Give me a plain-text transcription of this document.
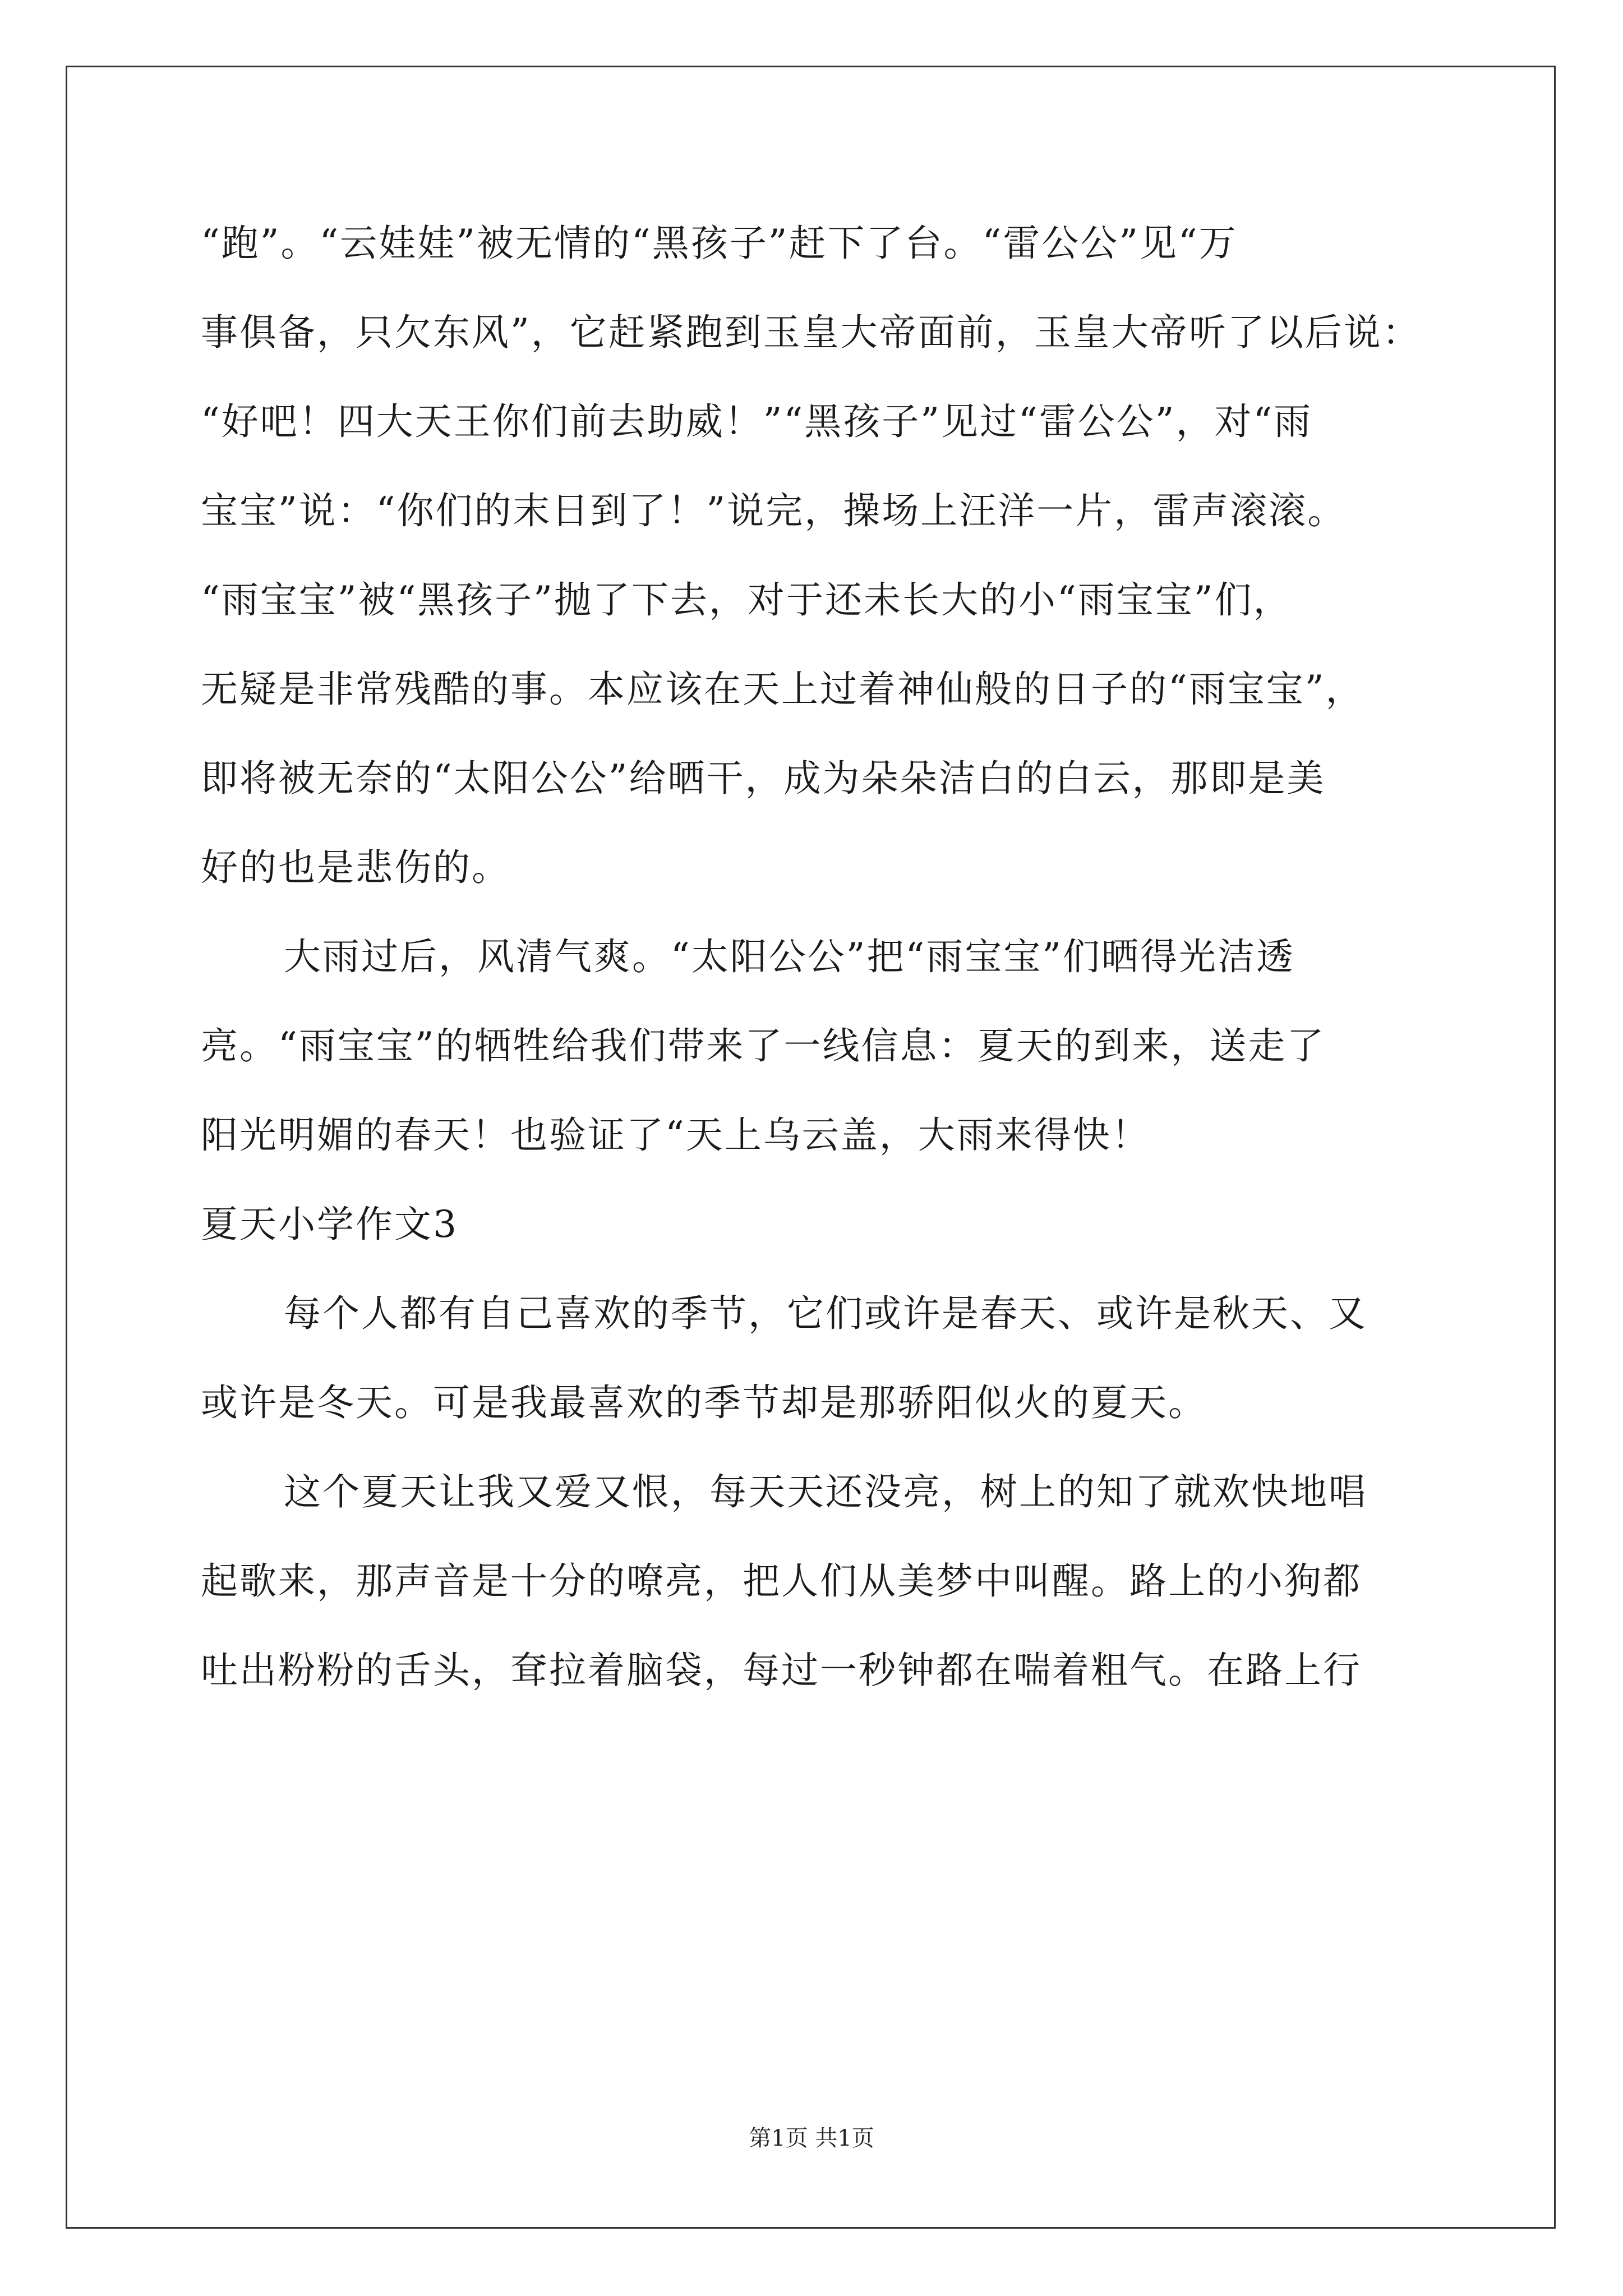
“跑”。“云娃娃”被无情的“黑孩子”赶下了台。“雷公公”见“万
事俱备，只欠东风”，它赶紧跑到玉皇大帝面前，玉皇大帝听了以后说：
“好吧！四大天王你们前去助威！”“黑孩子”见过“雷公公”，对“雨
宝宝”说：“你们的末日到了！”说完，操场上汪洋一片，雷声滚滚。
“雨宝宝”被“黑孩子”抛了下去，对于还未长大的小“雨宝宝”们，
无疑是非常残酷的事。本应该在天上过着神仙般的日子的“雨宝宝”，
即将被无奈的“太阳公公”给晒干，成为朵朵洁白的白云，那即是美
好的也是悲伤的。
大雨过后，风清气爽。“太阳公公”把“雨宝宝”们晒得光洁透
亮。“雨宝宝”的牺牲给我们带来了一线信息：夏天的到来，送走了
阳光明媚的春天！也验证了“天上乌云盖，大雨来得快！
夏天小学作文3
每个人都有自己喜欢的季节，它们或许是春天、或许是秋天、又
或许是冬天。可是我最喜欢的季节却是那骄阳似火的夏天。
这个夏天让我又爱又恨，每天天还没亮，树上的知了就欢快地唱
起歌来，那声音是十分的嘹亮，把人们从美梦中叫醒。路上的小狗都
吐出粉粉的舌头，耷拉着脑袋，每过一秒钟都在喘着粗气。在路上行
第1页 共1页
